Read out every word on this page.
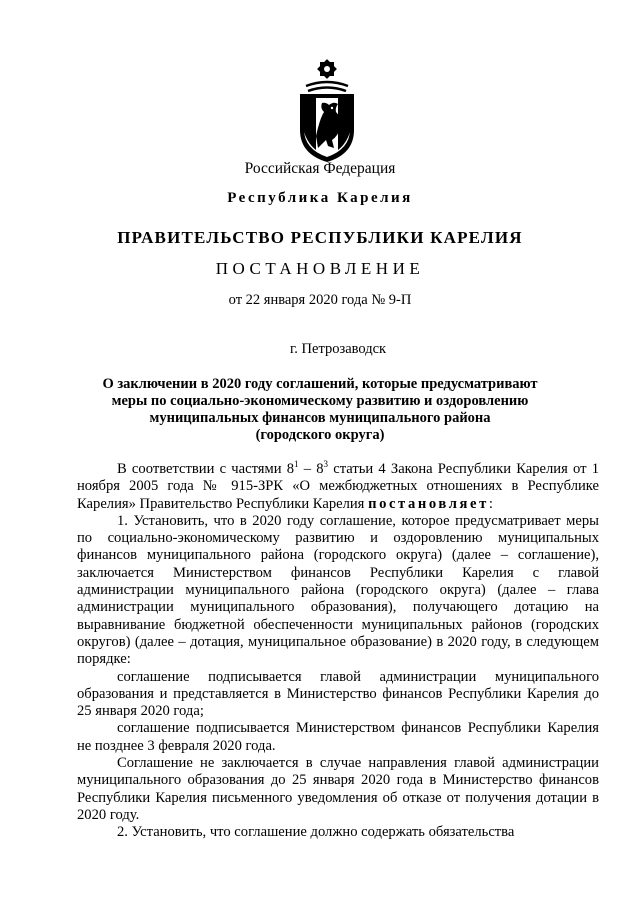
Российская Федерация
Республика Карелия
ПРАВИТЕЛЬСТВО РЕСПУБЛИКИ КАРЕЛИЯ
ПОСТАНОВЛЕНИЕ
от 22 января 2020 года № 9-П
г. Петрозаводск
О заключении в 2020 году соглашений, которые предусматривают
меры по социально-экономическому развитию и оздоровлению
муниципальных финансов муниципального района
(городского округа)

В соответствии с частями $8^1 - 8^3$ статьи 4 Закона Республики Карелия от 1 ноября 2005 года № 915-ЗРК «О межбюджетных отношениях в Республике Карелия» Правительство Республики Карелия постановляет:

1. Установить, что в 2020 году соглашение, которое предусматривает меры по социально-экономическому развитию и оздоровлению муниципальных финансов муниципального района (городского округа) (далее – соглашение), заключается Министерством финансов Республики Карелия с главой администрации муниципального района (городского округа) (далее – глава администрации муниципального образования), получающего дотацию на выравнивание бюджетной обеспеченности муниципальных районов (городских округов) (далее – дотация, муниципальное образование) в 2020 году, в следующем порядке:

соглашение подписывается главой администрации муниципального образования и представляется в Министерство финансов Республики Карелия до 25 января 2020 года;

соглашение подписывается Министерством финансов Республики Карелия не позднее 3 февраля 2020 года.

Соглашение не заключается в случае направления главой администрации муниципального образования до 25 января 2020 года в Министерство финансов Республики Карелия письменного уведомления об отказе от получения дотации в 2020 году.

2. Установить, что соглашение должно содержать обязательства
